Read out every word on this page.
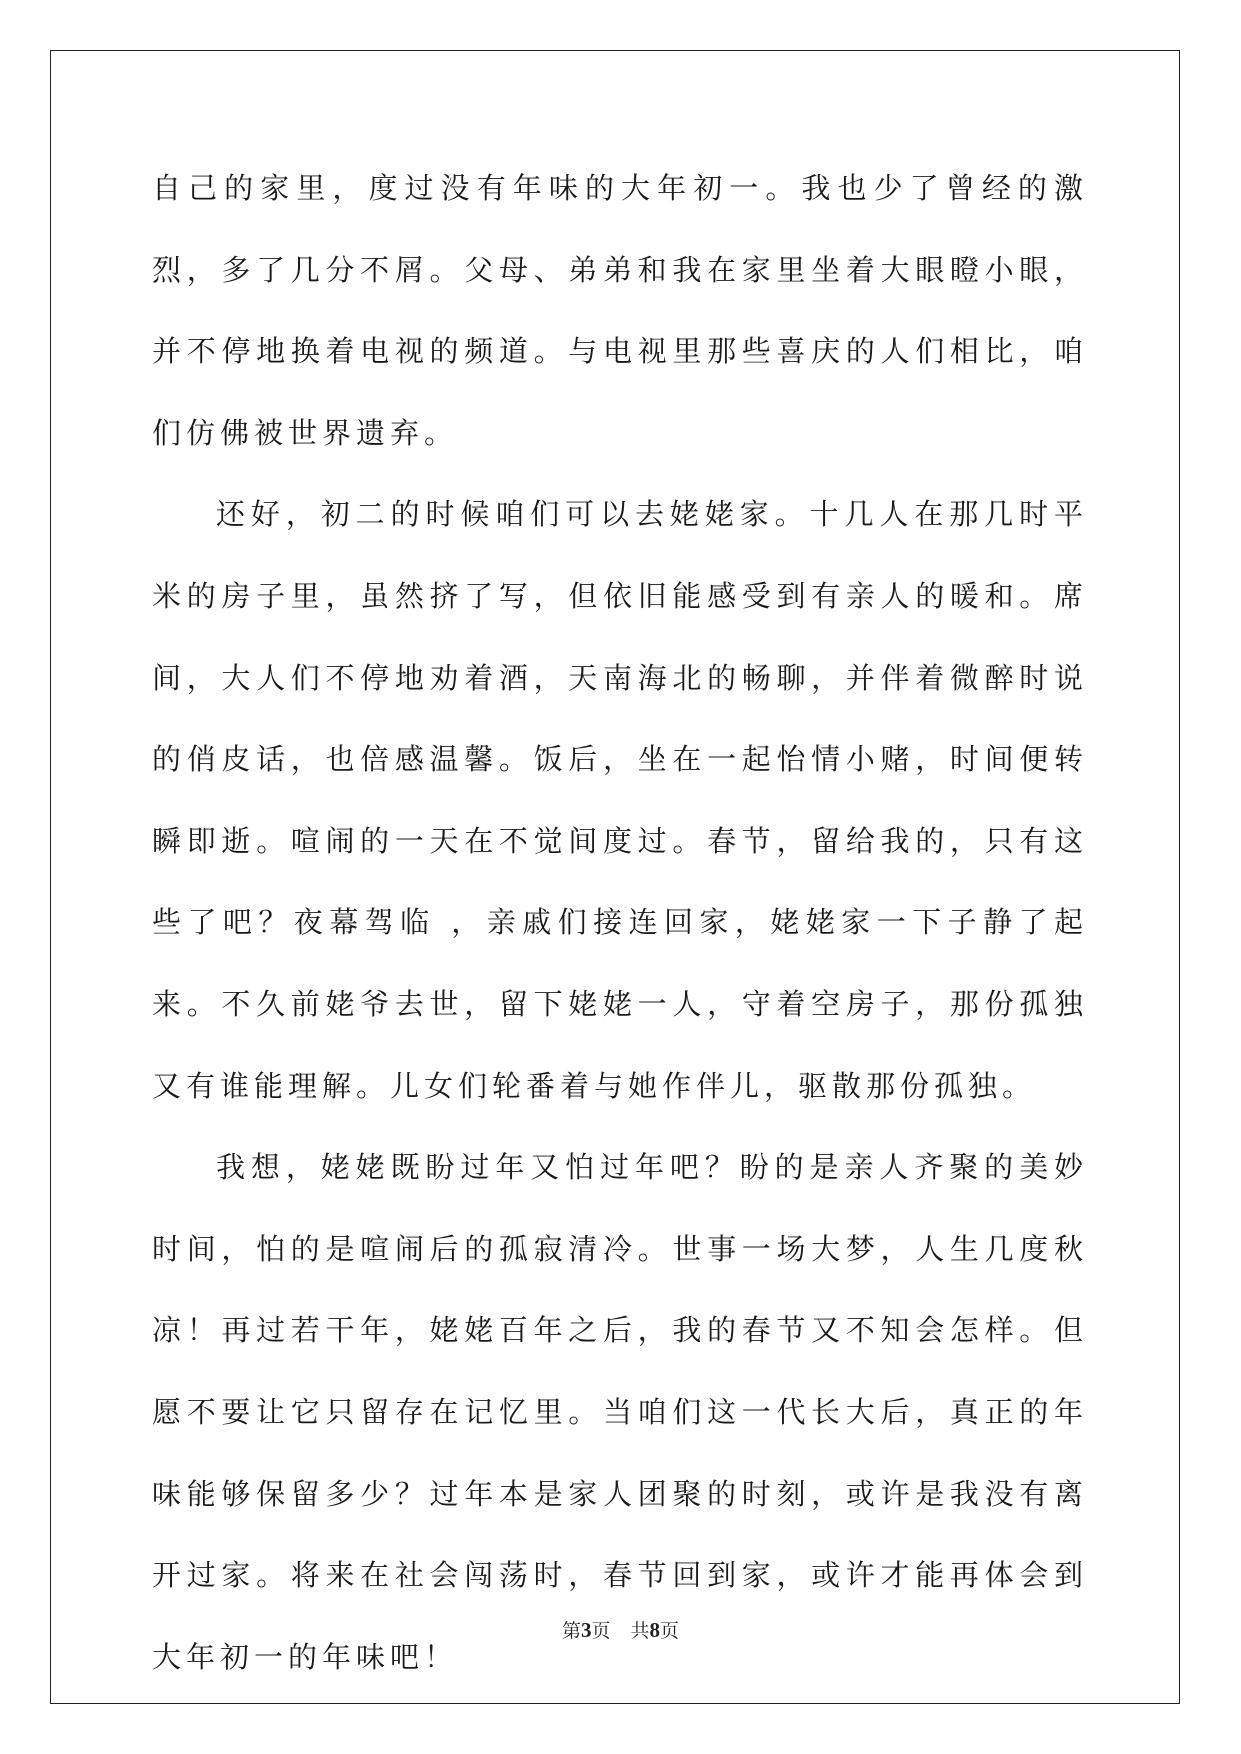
自己的家里，度过没有年味的大年初一。我也少了曾经的激烈，多了几分不屑。父母、弟弟和我在家里坐着大眼瞪小眼，并不停地换着电视的频道。与电视里那些喜庆的人们相比，咱们仿佛被世界遗弃。

还好，初二的时候咱们可以去姥姥家。十几人在那几时平米的房子里，虽然挤了写，但依旧能感受到有亲人的暖和。席间，大人们不停地劝着酒，天南海北的畅聊，并伴着微醉时说的俏皮话，也倍感温馨。饭后，坐在一起怡情小赌，时间便转瞬即逝。喧闹的一天在不觉间度过。春节，留给我的，只有这些了吧？夜幕驾临 ，亲戚们接连回家，姥姥家一下子静了起来。不久前姥爷去世，留下姥姥一人，守着空房子，那份孤独又有谁能理解。儿女们轮番着与她作伴儿，驱散那份孤独。

我想，姥姥既盼过年又怕过年吧？盼的是亲人齐聚的美妙时间，怕的是喧闹后的孤寂清冷。世事一场大梦，人生几度秋凉！再过若干年，姥姥百年之后，我的春节又不知会怎样。但愿不要让它只留存在记忆里。当咱们这一代长大后，真正的年味能够保留多少？过年本是家人团聚的时刻，或许是我没有离开过家。将来在社会闯荡时，春节回到家，或许才能再体会到大年初一的年味吧！

第3页 共8页
